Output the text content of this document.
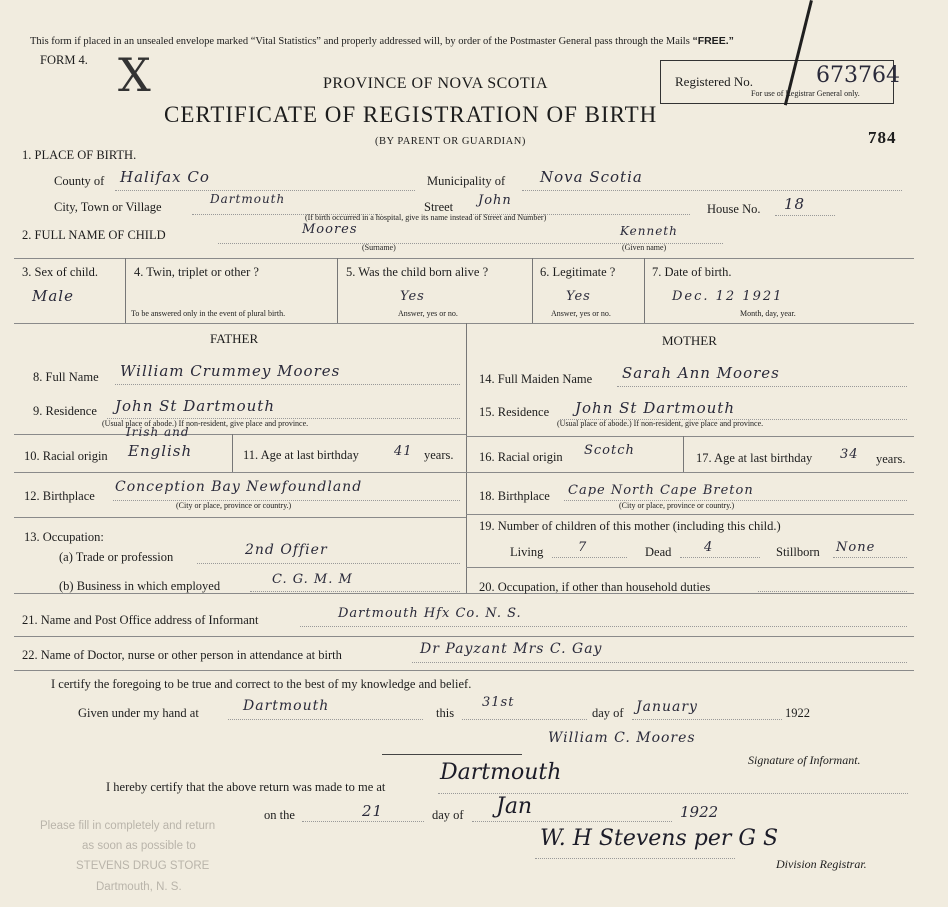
This form if placed in an unsealed envelope marked “Vital Statistics” and properly addressed will, by order of the Postmaster General pass through the Mails “FREE.”
FORM 4. X	PROVINCE OF NOVA SCOTIA
CERTIFICATE OF REGISTRATION OF BIRTH
(BY PARENT OR GUARDIAN)
Registered No.	673764
For use of Registrar General only.
784
1. PLACE OF BIRTH.
County of Halifax Co	Municipality of Nova Scotia
City, Town or Village
Dartmouth
Street John
(If birth occurred in a hospital, give its name instead of Street and Number)
House No. 18
2. FULL NAME OF CHILD	Moores
(Surname)
Kenneth
(Given name)
3. Sex of child.
Male
4. Twin, triplet or other ?
To be answered only in the event of plural birth.
5. Was the child born alive ?
Yes
Answer, yes or no.
6. Legitimate ?
Yes
Answer, yes or no.
7. Date of birth.
Dec. 12 1921
Month, day, year.
FATHER	MOTHER
8. Full Name William Crummey Moores
9. Residence John St Dartmouth
(Usual place of abode.) If non-resident, give place and province.
Irish and
10. Racial origin English	11. Age at last birthday	41 years.
12. Birthplace
Conception Bay Newfoundland
(City or place, province or country.)
13. Occupation:
(a) Trade or profession	2nd Offier
(b) Business in which employed	C. G. M. M
14. Full Maiden Name Sarah Ann Moores
15. Residence John St Dartmouth
(Usual place of abode.) If non-resident, give place and province.
16. Racial origin Scotch	17. Age at last birthday 34 years.
18. Birthplace Cape North Cape Breton
(City or place, province or country.)
19. Number of children of this mother (including this child.)
Living	7	Dead	4	Stillborn None
20. Occupation, if other than household duties
21. Name and Post Office address of Informant	Dartmouth Hfx Co. N. S.
22. Name of Doctor, nurse or other person in attendance at birth	Dr Payzant Mrs C. Gay
I certify the foregoing to be true and correct to the best of my knowledge and belief.
Given under my hand at	Dartmouth	this
31st
day of January	1922
William C. Moores
Signature of Informant.
I hereby certify that the above return was made to me at
Dartmouth
on the	21	day of Jan	1922
W. H Stevens per G S
Division Registrar.
Please fill in completely and return
as soon as possible to
STEVENS DRUG STORE
Dartmouth, N. S.
